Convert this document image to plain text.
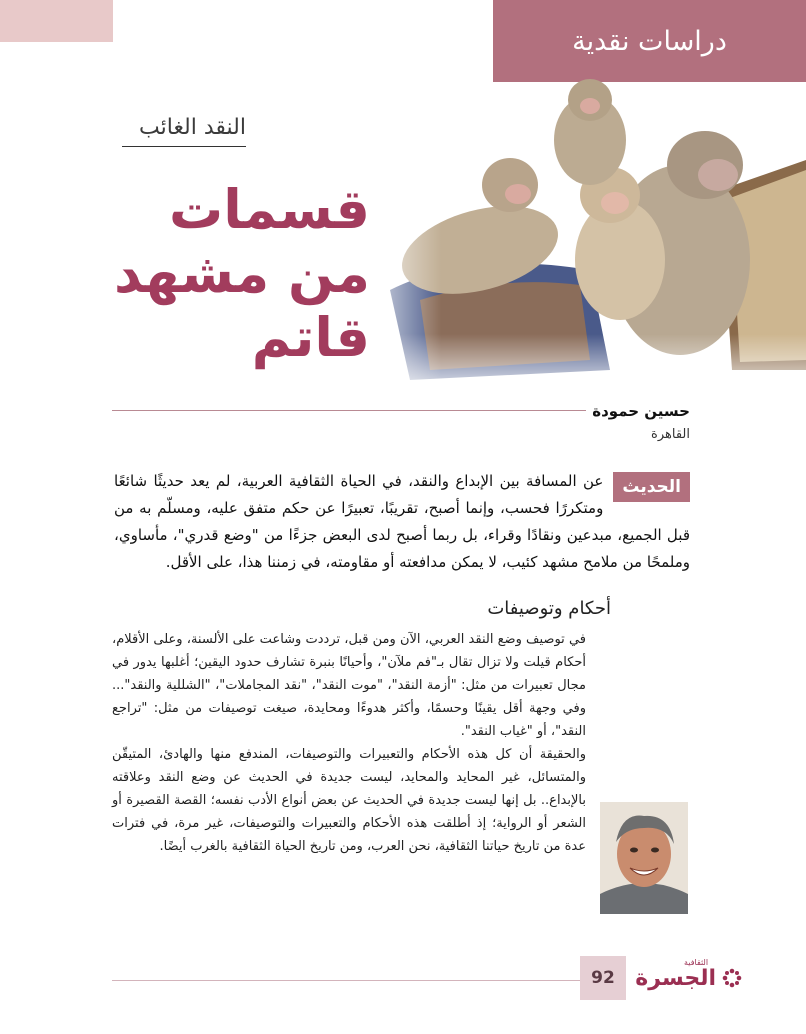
دراسات نقدية
النقد الغائب
قسمات
من مشهد
قاتم
حسين حمودة
القاهرة
الحديث
عن المسافة بين الإبداع والنقد، في الحياة الثقافية العربية، لم يعد حديثًا شائعًا ومتكررًا فحسب، وإنما أصبح، تقريبًا، تعبيرًا عن حكم متفق عليه، ومسلّم به من قبل الجميع، مبدعين ونقادًا وقراء، بل ربما أصبح لدى البعض جزءًا من "وضع قدري"، مأساوي، وملمحًا من ملامح مشهد كئيب، لا يمكن مدافعته أو مقاومته، في زمننا هذا، على الأقل.
أحكام وتوصيفات

في توصيف وضع النقد العربي، الآن ومن قبل، ترددت وشاعت على الألسنة، وعلى الأقلام، أحكام قيلت ولا تزال تقال بـ"فم ملآن"، وأحيانًا بنبرة تشارف حدود اليقين؛ أغلبها يدور في مجال تعبيرات من مثل: "أزمة النقد"، "موت النقد"، "نقد المجاملات"، "الشللية والنقد"... وفي وجهة أقل يقينًا وحسمًا، وأكثر هدوءًا ومحايدة، صيغت توصيفات من مثل: "تراجع النقد"، أو "غياب النقد".

والحقيقة أن كل هذه الأحكام والتعبيرات والتوصيفات، المندفع منها والهادئ، المتيقّن والمتسائل، غير المحايد والمحايد، ليست جديدة في الحديث عن وضع النقد وعلاقته بالإبداع.. بل إنها ليست جديدة في الحديث عن بعض أنواع الأدب نفسه؛ القصة القصيرة أو الشعر أو الرواية؛ إذ أطلقت هذه الأحكام والتعبيرات والتوصيفات، غير مرة، في فترات عدة من تاريخ حياتنا الثقافية، نحن العرب، ومن تاريخ الحياة الثقافية بالغرب أيضًا.

92
الثقافية
الجسرة
